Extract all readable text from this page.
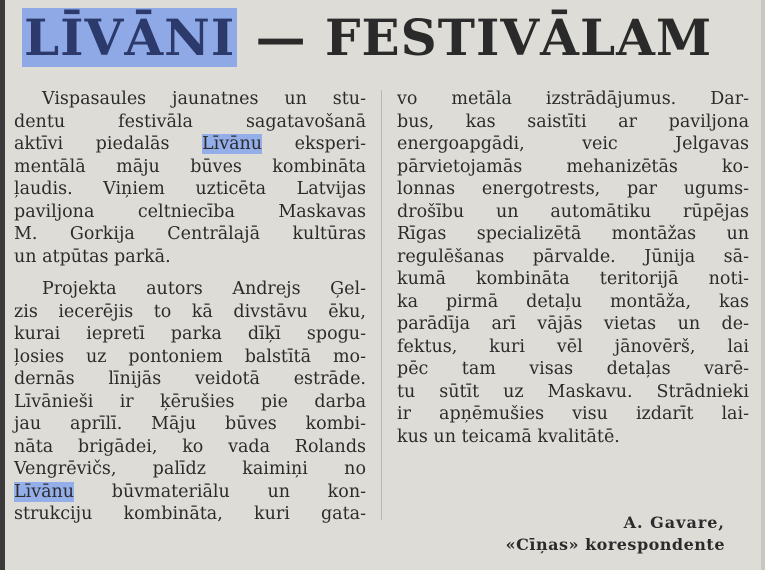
LĪVĀNI — FESTIVĀLAM
Vispasaules jaunatnes un stu-
dentu festivāla sagatavošanā
aktīvi piedalās Līvānu eksperi-
mentālā māju būves kombināta
ļaudis. Viņiem uzticēta Latvijas
paviljona celtniecība Maskavas
M. Gorkija Centrālajā kultūras
un atpūtas parkā.
Projekta autors Andrejs Ģel-
zis iecerējis to kā divstāvu ēku,
kurai iepretī parka dīķī spogu-
ļosies uz pontoniem balstītā mo-
dernās līnijās veidotā estrāde.
Līvānieši ir ķērušies pie darba
jau aprīlī. Māju būves kombi-
nāta brigādei, ko vada Rolands
Vengrēvičs, palīdz kaimiņi no
Līvānu būvmateriālu un kon-
strukciju kombināta, kuri gata-
vo metāla izstrādājumus. Dar-
bus, kas saistīti ar paviljona
energoapgādi, veic Jelgavas
pārvietojamās mehanizētās ko-
lonnas energotrests, par ugums-
drošību un automātiku rūpējas
Rīgas specializētā montāžas un
regulēšanas pārvalde. Jūnija sā-
kumā kombināta teritorijā noti-
ka pirmā detaļu montāža, kas
parādīja arī vājās vietas un de-
fektus, kuri vēl jānovērš, lai
pēc tam visas detaļas varē-
tu sūtīt uz Maskavu. Strādnieki
ir apņēmušies visu izdarīt lai-
kus un teicamā kvalitātē.
A. Gavare,
«Cīņas» korespondente
